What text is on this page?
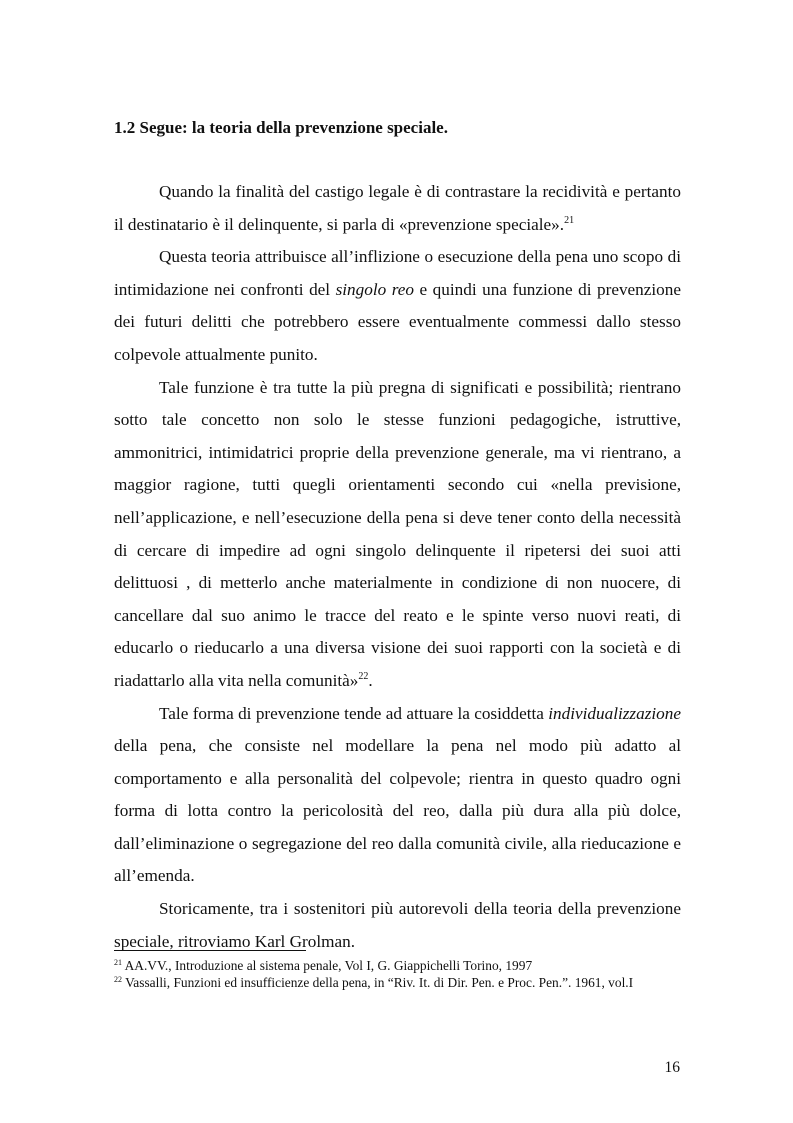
1.2 Segue: la teoria della prevenzione speciale.

Quando la finalità del castigo legale è di contrastare la recidività e pertanto il destinatario è il delinquente, si parla di «prevenzione speciale».$^{21}$

Questa teoria attribuisce all’inflizione o esecuzione della pena uno scopo di intimidazione nei confronti del singolo reo e quindi una funzione di prevenzione dei futuri delitti che potrebbero essere eventualmente commessi dallo stesso colpevole attualmente punito.

Tale funzione è tra tutte la più pregna di significati e possibilità; rientrano sotto tale concetto non solo le stesse funzioni pedagogiche, istruttive, ammonitrici, intimidatrici proprie della prevenzione generale, ma vi rientrano, a maggior ragione, tutti quegli orientamenti secondo cui «nella previsione, nell’applicazione, e nell’esecuzione della pena si deve tener conto della necessità di cercare di impedire ad ogni singolo delinquente il ripetersi dei suoi atti delittuosi , di metterlo anche materialmente in condizione di non nuocere, di cancellare dal suo animo le tracce del reato e le spinte verso nuovi reati, di educarlo o rieducarlo a una diversa visione dei suoi rapporti con la società e di riadattarlo alla vita nella comunità»$^{22}$.

Tale forma di prevenzione tende ad attuare la cosiddetta individualizzazione della pena, che consiste nel modellare la pena nel modo più adatto al comportamento e alla personalità del colpevole; rientra in questo quadro ogni forma di lotta contro la pericolosità del reo, dalla più dura alla più dolce, dall’eliminazione o segregazione del reo dalla comunità civile, alla rieducazione e all’emenda.

Storicamente, tra i sostenitori più autorevoli della teoria della prevenzione speciale, ritroviamo Karl Grolman.

$^{21}$ AA.VV., Introduzione al sistema penale, Vol I, G. Giappichelli Torino, 1997

$^{22}$ Vassalli, Funzioni ed insufficienze della pena, in “Riv. It. di Dir. Pen. e Proc. Pen.”. 1961, vol.I

16
